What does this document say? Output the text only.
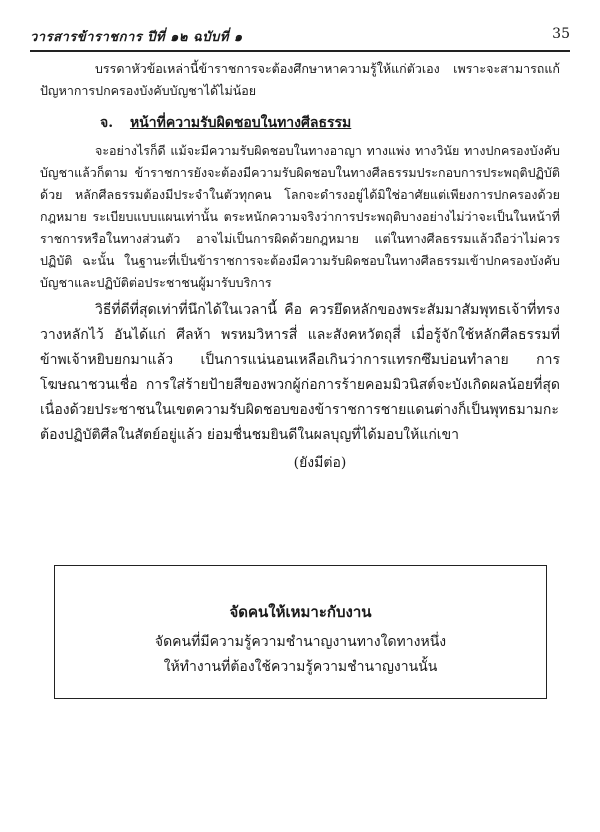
วารสารข้าราชการ ปีที่ ๑๒ ฉบับที่ ๑	35

บรรดาหัวข้อเหล่านี้ข้าราชการจะต้องศึกษาหาความรู้ให้แก่ตัวเอง เพราะจะสามารถแก้ปัญหาการปกครองบังคับบัญชาได้ไม่น้อย

จ. หน้าที่ความรับผิดชอบในทางศีลธรรม

จะอย่างไรก็ดี แม้จะมีความรับผิดชอบในทางอาญา ทางแพ่ง ทางวินัย ทางปกครองบังคับบัญชาแล้วก็ตาม ข้าราชการยังจะต้องมีความรับผิดชอบในทางศีลธรรมประกอบการประพฤติปฏิบัติด้วย หลักศีลธรรมต้องมีประจำในตัวทุกคน โลกจะดำรงอยู่ได้มิใช่อาศัยแต่เพียงการปกครองด้วยกฎหมาย ระเบียบแบบแผนเท่านั้น ตระหนักความจริงว่าการประพฤติบางอย่างไม่ว่าจะเป็นในหน้าที่ราชการหรือในทางส่วนตัว อาจไม่เป็นการผิดด้วยกฎหมาย แต่ในทางศีลธรรมแล้วถือว่าไม่ควรปฏิบัติ ฉะนั้น ในฐานะที่เป็นข้าราชการจะต้องมีความรับผิดชอบในทางศีลธรรมเข้าปกครองบังคับบัญชาและปฏิบัติต่อประชาชนผู้มารับบริการ

วิธีที่ดีที่สุดเท่าที่นึกได้ในเวลานี้ คือ ควรยึดหลักของพระสัมมาสัมพุทธเจ้าที่ทรงวางหลักไว้ อันได้แก่ ศีลห้า พรหมวิหารสี่ และสังคหวัตถุสี่ เมื่อรู้จักใช้หลักศีลธรรมที่ข้าพเจ้าหยิบยกมาแล้ว เป็นการแน่นอนเหลือเกินว่าการแทรกซึมบ่อนทำลาย การโฆษณาชวนเชื่อ การใส่ร้ายป้ายสีของพวกผู้ก่อการร้ายคอมมิวนิสต์จะบังเกิดผลน้อยที่สุด เนื่องด้วยประชาชนในเขตความรับผิดชอบของข้าราชการชายแดนต่างก็เป็นพุทธมามกะต้องปฏิบัติศีลในสัตย์อยู่แล้ว ย่อมชื่นชมยินดีในผลบุญที่ได้มอบให้แก่เขา

(ยังมีต่อ)
จัดคนให้เหมาะกับงาน
จัดคนที่มีความรู้ความชำนาญงานทางใดทางหนึ่ง
ให้ทำงานที่ต้องใช้ความรู้ความชำนาญงานนั้น
